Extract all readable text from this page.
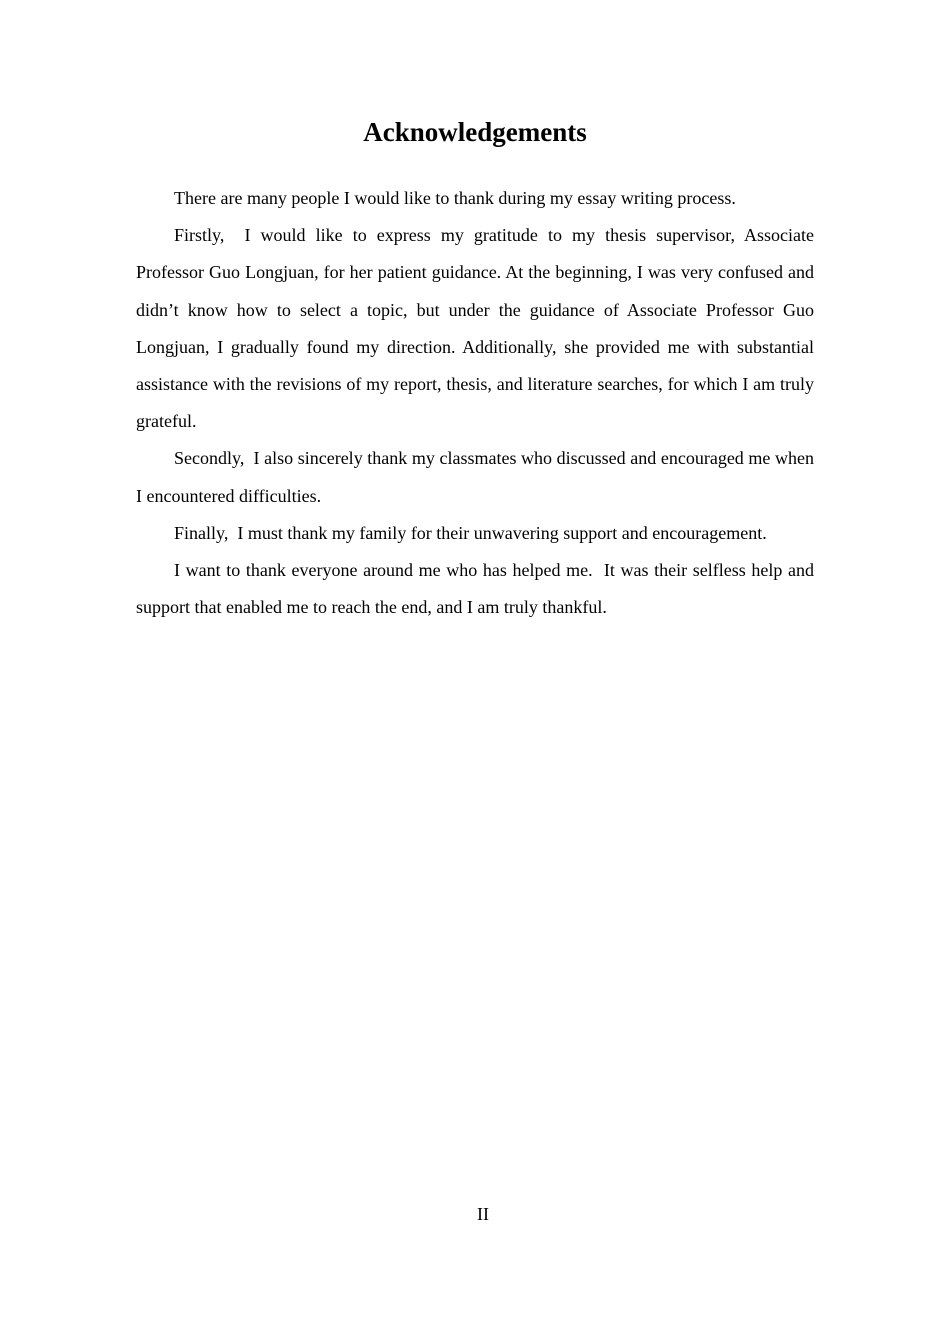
Acknowledgements

There are many people I would like to thank during my essay writing process.

Firstly,  I would like to express my gratitude to my thesis supervisor, Associate Professor Guo Longjuan, for her patient guidance. At the beginning, I was very confused and didn’t know how to select a topic, but under the guidance of Associate Professor Guo Longjuan, I gradually found my direction. Additionally, she provided me with substantial assistance with the revisions of my report, thesis, and literature searches, for which I am truly grateful.

Secondly,  I also sincerely thank my classmates who discussed and encouraged me when I encountered difficulties.

Finally,  I must thank my family for their unwavering support and encouragement.

I want to thank everyone around me who has helped me.  It was their selfless help and support that enabled me to reach the end, and I am truly thankful.

II
